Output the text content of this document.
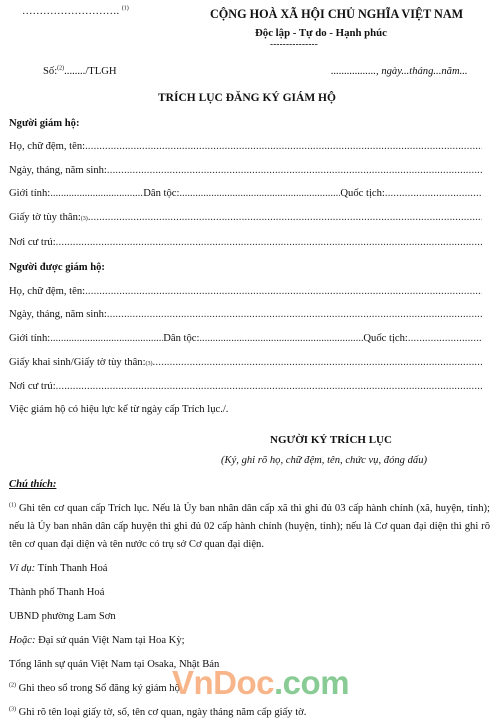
………………………. $^{(1)}$	CỘNG HOÀ XÃ HỘI CHỦ NGHĨA VIỆT NAM
Độc lập - Tự do - Hạnh phúc
---------------
Số:$^{(2)}$......../TLGH	................., ngày...tháng...năm...
TRÍCH LỤC ĐĂNG KÝ GIÁM HỘ
Người giám hộ:
Họ, chữ đệm, tên:
.....
Ngày, tháng, năm sinh:
.....
Giới tính: .....	Dân tộc: .....	Quốc tịch:
.....
Giấy tờ tùy thân: (3)
.....
Nơi cư trú:
.....
Người được giám hộ:
Họ, chữ đệm, tên:
.....
Ngày, tháng, năm sinh:
.....
Giới tính: .....	Dân tộc: .....	Quốc tịch:
.....
Giấy khai sinh/Giấy tờ tùy thân: (3)
.....
Nơi cư trú:
.....
Việc giám hộ có hiệu lực kể từ ngày cấp Trích lục./.
NGƯỜI KÝ TRÍCH LỤC
(Ký, ghi rõ họ, chữ đệm, tên, chức vụ, đóng dấu)
Chú thích:
$^{(1)}$ Ghi tên cơ quan cấp Trích lục. Nếu là Ủy ban nhân dân cấp xã thì ghi đủ 03 cấp hành chính (xã, huyện, tỉnh); nếu là Ủy ban nhân dân cấp huyện thì ghi đủ 02 cấp hành chính (huyện, tỉnh); nếu là Cơ quan đại diện thì ghi rõ tên cơ quan đại diện và tên nước có trụ sở Cơ quan đại diện.
Ví dụ: Tỉnh Thanh Hoá
Thành phố Thanh Hoá
UBND phường Lam Sơn
Hoặc: Đại sứ quán Việt Nam tại Hoa Kỳ;
Tổng lãnh sự quán Việt Nam tại Osaka, Nhật Bản
$^{(2)}$ Ghi theo sổ trong Sổ đăng ký giám hộ
$^{(3)}$ Ghi rõ tên loại giấy tờ, số, tên cơ quan, ngày tháng năm cấp giấy tờ.
VnDoc.com
